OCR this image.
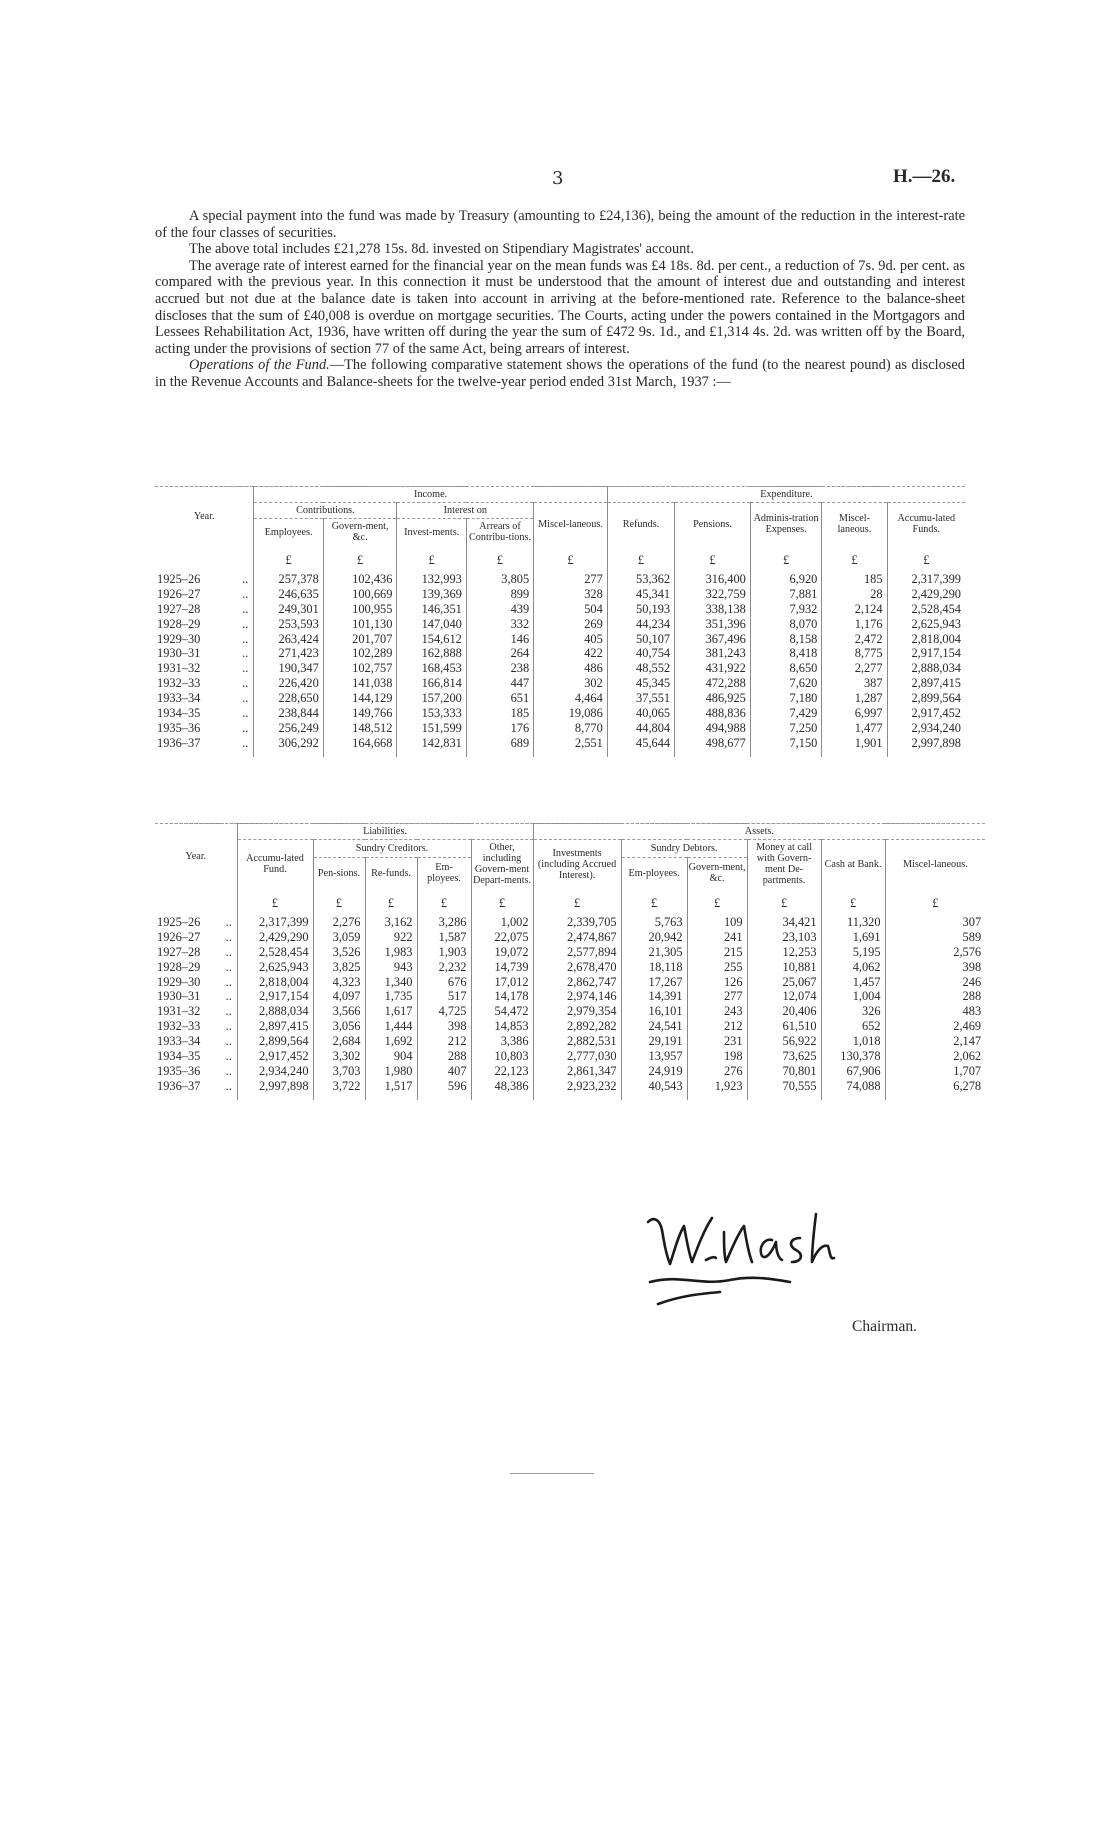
3	H.—26.

A special payment into the fund was made by Treasury (amounting to £24,136), being the amount of the reduction in the interest-rate of the four classes of securities.

The above total includes £21,278 15s. 8d. invested on Stipendiary Magistrates' account.

The average rate of interest earned for the financial year on the mean funds was £4 18s. 8d. per cent., a reduction of 7s. 9d. per cent. as compared with the previous year. In this connection it must be understood that the amount of interest due and outstanding and interest accrued but not due at the balance date is taken into account in arriving at the before-mentioned rate. Reference to the balance-sheet discloses that the sum of £40,008 is overdue on mortgage securities. The Courts, acting under the powers contained in the Mortgagors and Lessees Rehabilitation Act, 1936, have written off during the year the sum of £472 9s. 1d., and £1,314 4s. 2d. was written off by the Board, acting under the provisions of section 77 of the same Act, being arrears of interest.

Operations of the Fund.—The following comparative statement shows the operations of the fund (to the nearest pound) as disclosed in the Revenue Accounts and Balance-sheets for the twelve-year period ended 31st March, 1937 :—

Year.		Income.					Expenditure.				
		Contributions.		Interest on		Miscel-laneous.	Refunds.	Pensions.	Adminis-tration Expenses.	Miscel-laneous.	Accumu-lated Funds.
		Employees.	Govern-ment, &c.	Invest-ments.	Arrears of Contribu-tions.						
		£	£	£	£	£	£	£	£	£	£
1925–26	..	257,378	102,436	132,993	3,805	277	53,362	316,400	6,920	185	2,317,399
1926–27	..	246,635	100,669	139,369	899	328	45,341	322,759	7,881	28	2,429,290
1927–28	..	249,301	100,955	146,351	439	504	50,193	338,138	7,932	2,124	2,528,454
1928–29	..	253,593	101,130	147,040	332	269	44,234	351,396	8,070	1,176	2,625,943
1929–30	..	263,424	201,707	154,612	146	405	50,107	367,496	8,158	2,472	2,818,004
1930–31	..	271,423	102,289	162,888	264	422	40,754	381,243	8,418	8,775	2,917,154
1931–32	..	190,347	102,757	168,453	238	486	48,552	431,922	8,650	2,277	2,888,034
1932–33	..	226,420	141,038	166,814	447	302	45,345	472,288	7,620	387	2,897,415
1933–34	..	228,650	144,129	157,200	651	4,464	37,551	486,925	7,180	1,287	2,899,564
1934–35	..	238,844	149,766	153,333	185	19,086	40,065	488,836	7,429	6,997	2,917,452
1935–36	..	256,249	148,512	151,599	176	8,770	44,804	494,988	7,250	1,477	2,934,240
1936–37	..	306,292	164,668	142,831	689	2,551	45,644	498,677	7,150	1,901	2,997,898
Year.		Liabilities.					Assets.					
		Accumu-lated Fund.	Sundry Creditors.			Other, including Govern-ment Depart-ments.	Investments (including Accrued Interest).	Sundry Debtors.		Money at call with Govern-ment De-partments.	Cash at Bank.	Miscel-laneous.
			Pen-sions.	Re-funds.	Em-ployees.			Em-ployees.	Govern-ment, &c.			
		£	£	£	£	£	£	£	£	£	£	£
1925–26	..	2,317,399	2,276	3,162	3,286	1,002	2,339,705	5,763	109	34,421	11,320	307
1926–27	..	2,429,290	3,059	922	1,587	22,075	2,474,867	20,942	241	23,103	1,691	589
1927–28	..	2,528,454	3,526	1,983	1,903	19,072	2,577,894	21,305	215	12,253	5,195	2,576
1928–29	..	2,625,943	3,825	943	2,232	14,739	2,678,470	18,118	255	10,881	4,062	398
1929–30	..	2,818,004	4,323	1,340	676	17,012	2,862,747	17,267	126	25,067	1,457	246
1930–31	..	2,917,154	4,097	1,735	517	14,178	2,974,146	14,391	277	12,074	1,004	288
1931–32	..	2,888,034	3,566	1,617	4,725	54,472	2,979,354	16,101	243	20,406	326	483
1932–33	..	2,897,415	3,056	1,444	398	14,853	2,892,282	24,541	212	61,510	652	2,469
1933–34	..	2,899,564	2,684	1,692	212	3,386	2,882,531	29,191	231	56,922	1,018	2,147
1934–35	..	2,917,452	3,302	904	288	10,803	2,777,030	13,957	198	73,625	130,378	2,062
1935–36	..	2,934,240	3,703	1,980	407	22,123	2,861,347	24,919	276	70,801	67,906	1,707
1936–37	..	2,997,898	3,722	1,517	596	48,386	2,923,232	40,543	1,923	70,555	74,088	6,278
Chairman.
